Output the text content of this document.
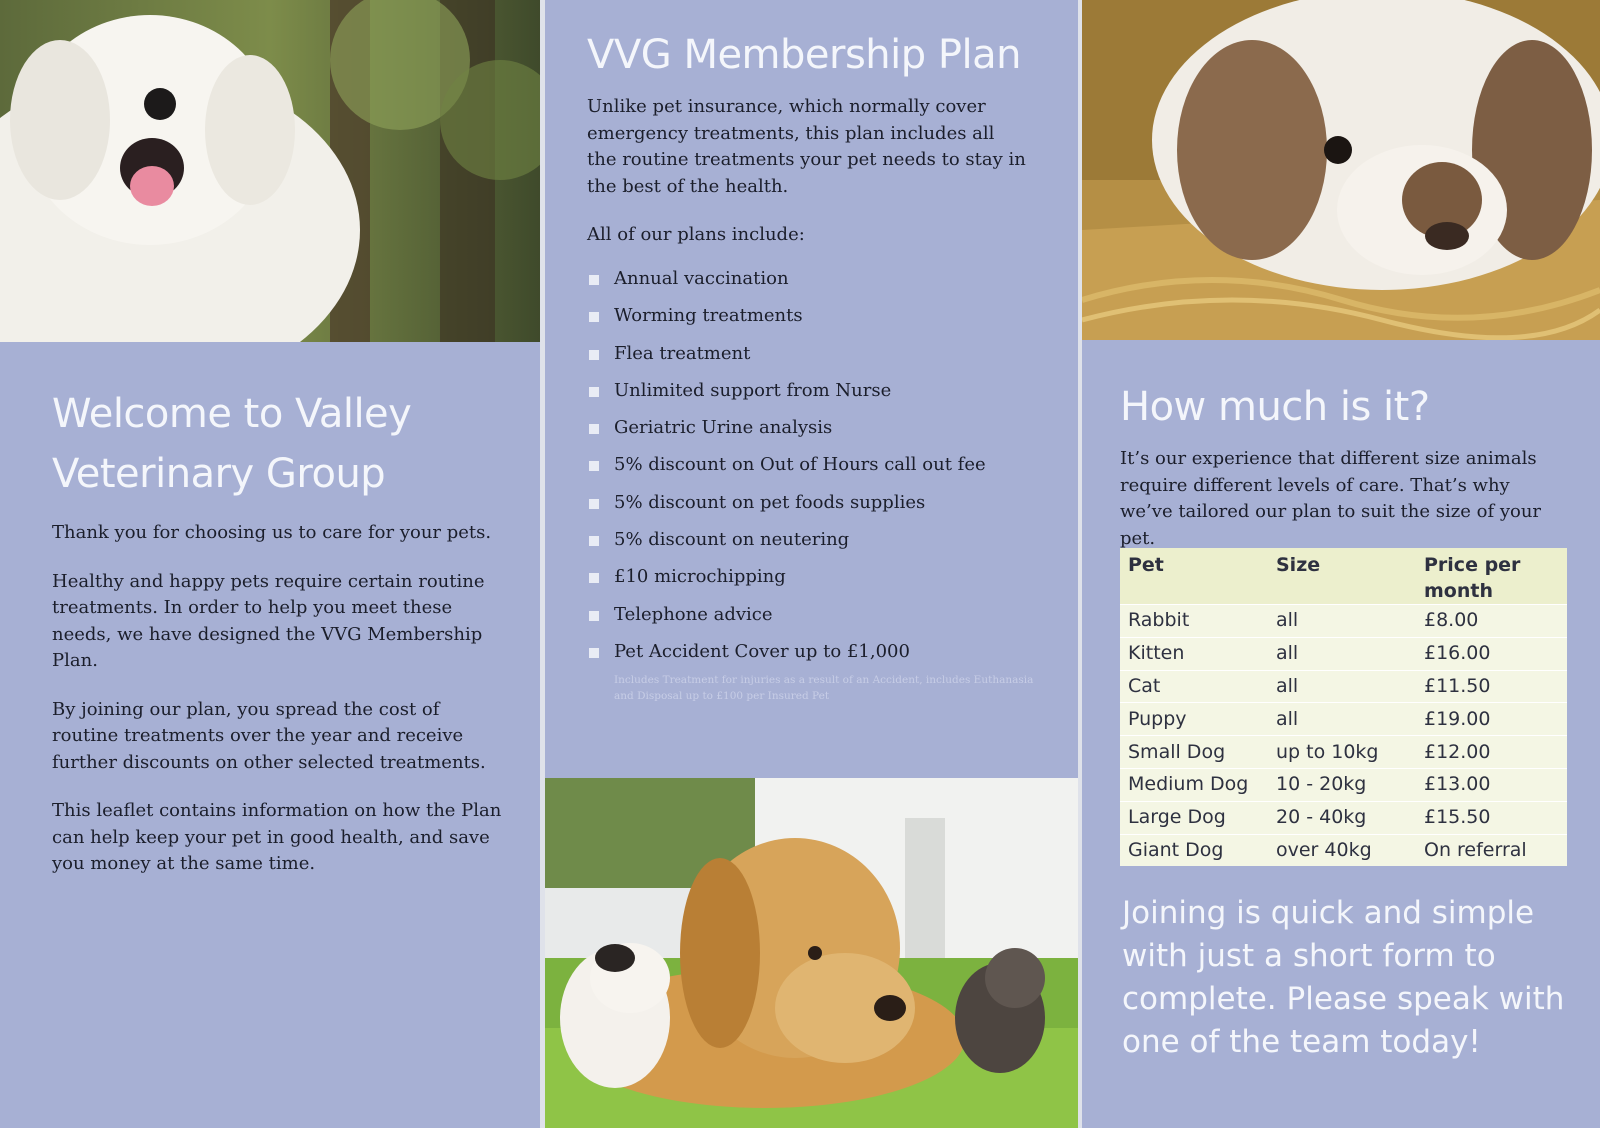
Welcome to Valley Veterinary Group

Thank you for choosing us to care for your pets.

Healthy and happy pets require certain routine treatments. In order to help you meet these needs, we have designed the VVG Membership Plan.

By joining our plan, you spread the cost of routine treatments over the year and receive further discounts on other selected treatments.

This leaflet contains information on how the Plan can help keep your pet in good health, and save you money at the same time.

VVG Membership Plan

Unlike pet insurance, which normally cover emergency treatments, this plan includes all the routine treatments your pet needs to stay in the best of the health.

All of our plans include:

Annual vaccination
Worming treatments
Flea treatment
Unlimited support from Nurse
Geriatric Urine analysis
5% discount on Out of Hours call out fee
5% discount on pet foods supplies
5% discount on neutering
£10 microchipping
Telephone advice
Pet Accident Cover up to £1,000

Includes Treatment for injuries as a result of an Accident, includes Euthanasia and Disposal up to £100 per Insured Pet

How much is it?

It’s our experience that different size animals require different levels of care. That’s why we’ve tailored our plan to suit the size of your pet.

Pet	Size	Price per month
Rabbit	all	£8.00
Kitten	all	£16.00
Cat	all	£11.50
Puppy	all	£19.00
Small Dog	up to 10kg	£12.00
Medium Dog	10 - 20kg	£13.00
Large Dog	20 - 40kg	£15.50
Giant Dog	over 40kg	On referral

Joining is quick and simple with just a short form to complete. Please speak with one of the team today!
